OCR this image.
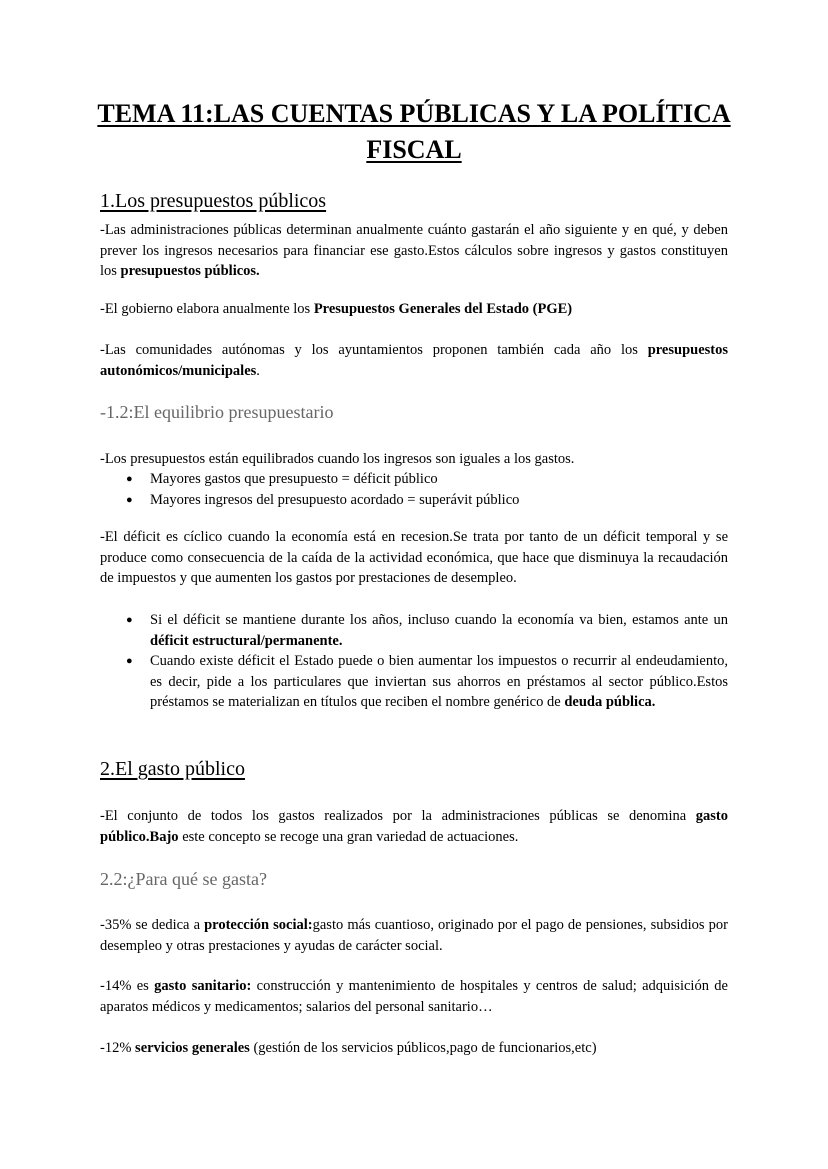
TEMA 11:LAS CUENTAS PÚBLICAS Y LA POLÍTICA FISCAL
1.Los presupuestos públicos
-Las administraciones públicas determinan anualmente cuánto gastarán el año siguiente y en qué, y deben prever los ingresos necesarios para financiar ese gasto.Estos cálculos sobre ingresos y gastos constituyen los presupuestos públicos.
-El gobierno elabora anualmente los Presupuestos Generales del Estado (PGE)
-Las comunidades autónomas y los ayuntamientos proponen también cada año los presupuestos autonómicos/municipales.
-1.2:El equilibrio presupuestario
-Los presupuestos están equilibrados cuando los ingresos son iguales a los gastos.
● Mayores gastos que presupuesto = déficit público
● Mayores ingresos del presupuesto acordado = superávit público
-El déficit es cíclico cuando la economía está en recesion.Se trata por tanto de un déficit temporal y se produce como consecuencia de la caída de la actividad económica, que hace que disminuya la recaudación de impuestos y que aumenten los gastos por prestaciones de desempleo.
● Si el déficit se mantiene durante los años, incluso cuando la economía va bien, estamos ante un déficit estructural/permanente.
● Cuando existe déficit el Estado puede o bien aumentar los impuestos o recurrir al endeudamiento, es decir, pide a los particulares que inviertan sus ahorros en préstamos al sector público.Estos préstamos se materializan en títulos que reciben el nombre genérico de deuda pública.
2.El gasto público
-El conjunto de todos los gastos realizados por la administraciones públicas se denomina gasto público.Bajo este concepto se recoge una gran variedad de actuaciones.
2.2:¿Para qué se gasta?
-35% se dedica a protección social:gasto más cuantioso, originado por el pago de pensiones, subsidios por desempleo y otras prestaciones y ayudas de carácter social.
-14% es gasto sanitario: construcción y mantenimiento de hospitales y centros de salud; adquisición de aparatos médicos y medicamentos; salarios del personal sanitario…
-12% servicios generales (gestión de los servicios públicos,pago de funcionarios,etc)
